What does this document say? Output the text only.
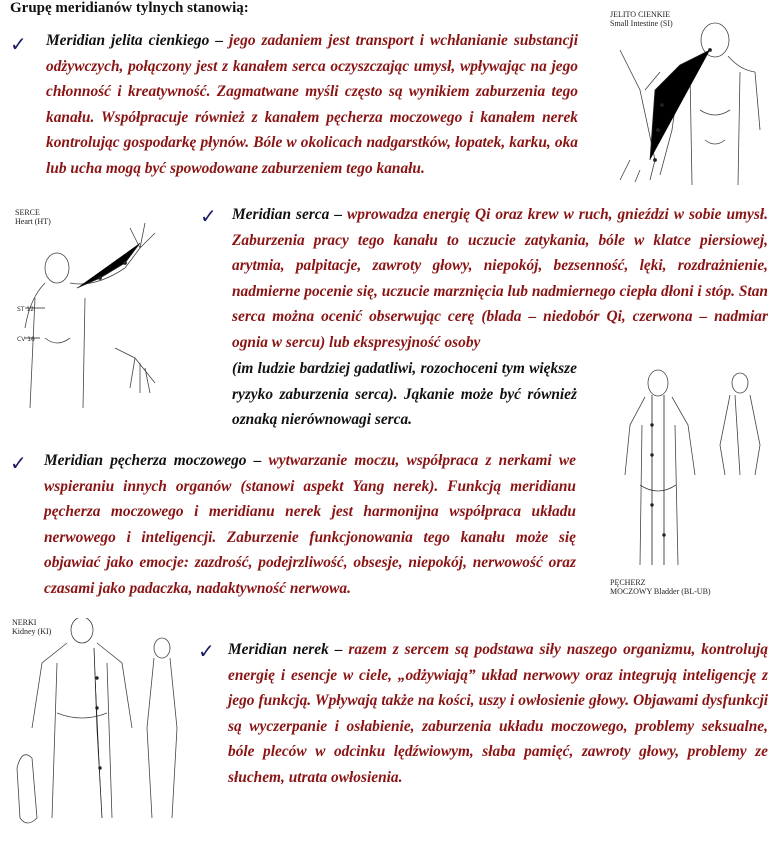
Grupę meridianów tylnych stanowią:
✓ Meridian jelita cienkiego – jego zadaniem jest transport i wchłanianie substancji odżywczych, połączony jest z kanałem serca oczyszczając umysł, wpływając na jego chłonność i kreatywność. Zagmatwane myśli często są wynikiem zaburzenia tego kanału. Współpracuje również z kanałem pęcherza moczowego i kanałem nerek kontrolując gospodarkę płynów. Bóle w okolicach nadgarstków, łopatek, karku, oka lub ucha mogą być spowodowane zaburzeniem tego kanału.
JELITO CIENKIE
Small Intestine (SI)
SERCE
Heart (HT)
ST 12
CV 16
✓ Meridian serca – wprowadza energię Qi oraz krew w ruch, gnieździ w sobie umysł. Zaburzenia pracy tego kanału to uczucie zatykania, bóle w klatce piersiowej, arytmia, palpitacje, zawroty głowy, niepokój, bezsenność, lęki, rozdrażnienie, nadmierne pocenie się, uczucie marznięcia lub nadmiernego ciepła dłoni i stóp. Stan serca można ocenić obserwując cerę (blada – niedobór Qi, czerwona – nadmiar ognia w sercu) lub ekspresyjność osoby
(im ludzie bardziej gadatliwi, rozochoceni tym większe ryzyko zaburzenia serca). Jąkanie może być również oznaką nierównowagi serca.
PĘCHERZ
MOCZOWY Bladder (BL-UB)
✓ Meridian pęcherza moczowego – wytwarzanie moczu, współpraca z nerkami we wspieraniu innych organów (stanowi aspekt Yang nerek). Funkcją meridianu pęcherza moczowego i meridianu nerek jest harmonijna współpraca układu nerwowego i inteligencji. Zaburzenie funkcjonowania tego kanału może się objawiać jako emocje: zazdrość, podejrzliwość, obsesje, niepokój, nerwowość oraz czasami jako padaczka, nadaktywność nerwowa.
NERKI
Kidney (KI)
✓ Meridian nerek – razem z sercem są podstawa siły naszego organizmu, kontrolują energię i esencje w ciele, „odżywiają” układ nerwowy oraz integrują inteligencję z jego funkcją. Wpływają także na kości, uszy i owłosienie głowy. Objawami dysfunkcji są wyczerpanie i osłabienie, zaburzenia układu moczowego, problemy seksualne, bóle pleców w odcinku lędźwiowym, słaba pamięć, zawroty głowy, problemy ze słuchem, utrata owłosienia.
